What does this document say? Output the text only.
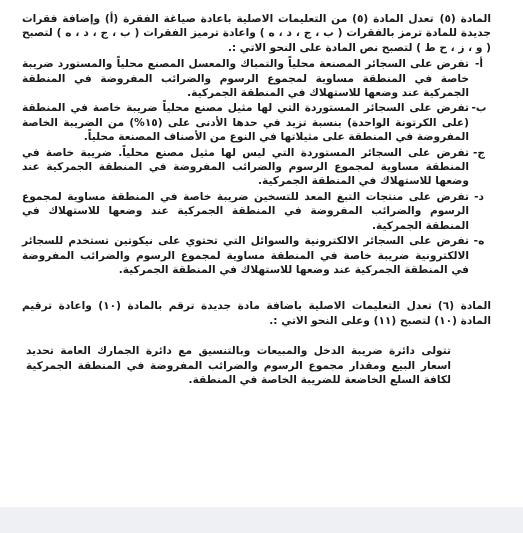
المادة (٥)تعدل المادة (٥) من التعليمات الاصلية باعادة صياغة الفقرة (أ) وإضافة فقرات جديدة للمادة ترمز بالفقرات ( ب ، ج ، د ، ه ) واعادة ترميز الفقرات ( ب ، ج ، د ، ه ) لتصبح ( و ، ز ، ح ط ) لتصبح نص المادة على النحو الاتي :.

أ-
تفرض على السجائر المصنعة محلياً والتمباك والمعسل المصنع محلياً والمستورد ضريبة خاصة في المنطقة مساوية لمجموع الرسوم والضرائب المفروضة في المنطقة الجمركية عند وضعها للاستهلاك في المنطقة الجمركية.
ب-
تفرض على السجائر المستوردة التي لها مثيل مصنع محلياً ضريبة خاصة في المنطقة (على الكرتونة الواحدة) بنسبة تزيد في حدها الأدنى على (١٥%) من الضريبة الخاصة المفروضة في المنطقة على مثيلاتها في النوع من الأصناف المصنعة محلياً.
ج-
تفرض على السجائر المستوردة التي ليس لها مثيل مصنع محلياً. ضريبة خاصة في المنطقة مساوية لمجموع الرسوم والضرائب المفروضة في المنطقة الجمركية عند وضعها للاستهلاك في المنطقة الجمركية.
د-
تفرض على منتجات التبغ المعد للتسخين ضريبة خاصة في المنطقة مساوية لمجموع الرسوم والضرائب المفروضة في المنطقة الجمركية عند وضعها للاستهلاك في المنطقة الجمركية.
ه-
تفرض على السجائر الالكترونية والسوائل التي تحتوي على نيكوتين تستخدم للسجائر الالكترونية ضريبة خاصة في المنطقة مساوية لمجموع الرسوم والضرائب المفروضة في المنطقة الجمركية عند وضعها للاستهلاك في المنطقة الجمركية.

المادة (٦)تعدل التعليمات الاصلية باضافة مادة جديدة ترقم بالمادة (١٠) واعادة ترقيم المادة (١٠) لتصبح (١١) وعلى النحو الاتي :.

تتولى دائرة ضريبة الدخل والمبيعات وبالتنسيق مع دائرة الجمارك العامة تحديد اسعار البيع ومقدار مجموع الرسوم والضرائب المفروضة في المنطقة الجمركية لكافة السلع الخاضعة للضريبة الخاصة في المنطقة.
